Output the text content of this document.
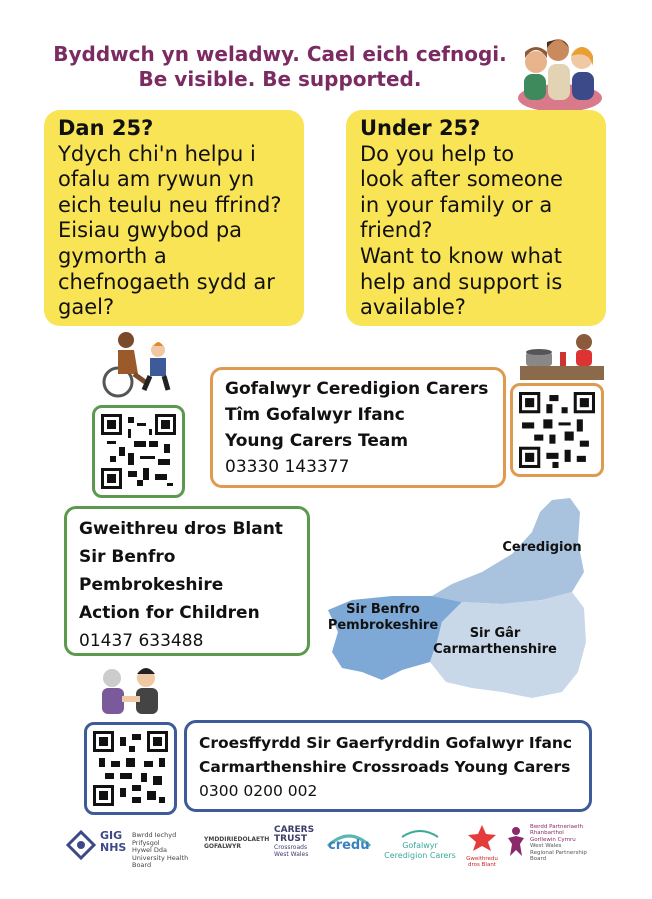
Byddwch yn weladwy. Cael eich cefnogi.
Be visible. Be supported.
Dan 25?
Ydych chi'n helpu i
ofalu am rywun yn
eich teulu neu ffrind?
Eisiau gwybod pa
gymorth a
chefnogaeth sydd ar
gael?
Under 25?
Do you help to
look after someone
in your family or a
friend?
Want to know what
help and support is
available?
Gofalwyr Ceredigion Carers
Tîm Gofalwyr Ifanc
Young Carers Team
03330 143377
Gweithreu dros Blant
Sir Benfro
Pembrokeshire
Action for Children
01437 633488
Ceredigion
Sir Benfro
Pembrokeshire
Sir Gâr
Carmarthenshire
Croesffyrdd Sir Gaerfyrddin Gofalwyr Ifanc
Carmarthenshire Crossroads Young Carers
0300 0200 002
GIG
NHS
Bwrdd Iechyd Prifysgol
Hywel Dda
University Health Board
YMDDIRIEDOLAETH
GOFALWYR
CARERS
TRUST
Crossroads
West Wales
credu	Gofalwyr
Ceredigion Carers	Gweithredu
dros Blant
Bwrdd Partneriaeth
Rhanbarthol
Gorllewin Cymru
West Wales
Regional Partnership
Board
